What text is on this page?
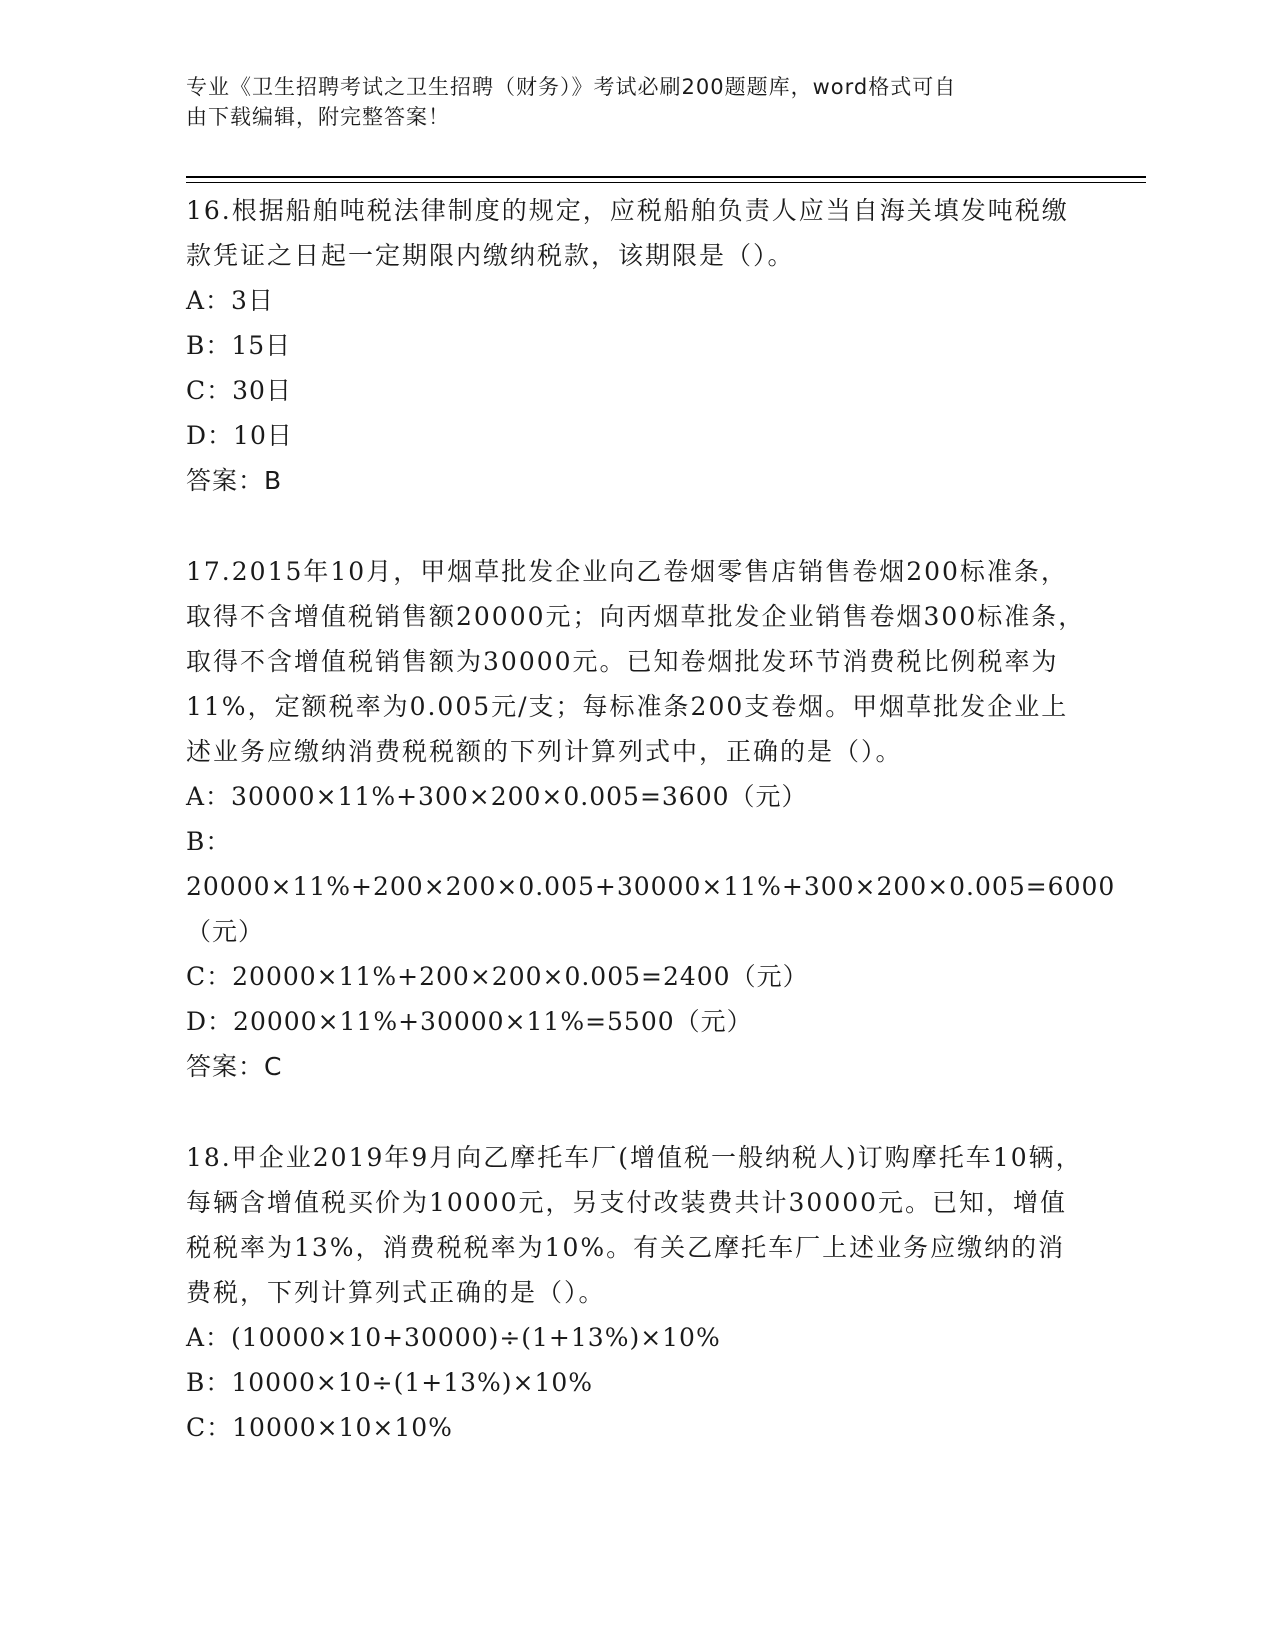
专业《卫生招聘考试之卫生招聘（财务）》考试必刷200题题库，word格式可自
由下载编辑，附完整答案！

16.根据船舶吨税法律制度的规定，应税船舶负责人应当自海关填发吨税缴款凭证之日起一定期限内缴纳税款，该期限是（）。

A：3日

B：15日

C：30日

D：10日

答案：B

17.2015年10月，甲烟草批发企业向乙卷烟零售店销售卷烟200标准条，取得不含增值税销售额20000元；向丙烟草批发企业销售卷烟300标准条，取得不含增值税销售额为30000元。已知卷烟批发环节消费税比例税率为11%，定额税率为0.005元/支；每标准条200支卷烟。甲烟草批发企业上述业务应缴纳消费税税额的下列计算列式中，正确的是（）。

A：30000×11%+300×200×0.005=3600（元）

B：20000×11%+200×200×0.005+30000×11%+300×200×0.005=6000（元）

C：20000×11%+200×200×0.005=2400（元）

D：20000×11%+30000×11%=5500（元）

答案：C

18.甲企业2019年9月向乙摩托车厂(增值税一般纳税人)订购摩托车10辆，每辆含增值税买价为10000元，另支付改装费共计30000元。已知，增值税税率为13%，消费税税率为10%。有关乙摩托车厂上述业务应缴纳的消费税，下列计算列式正确的是（）。

A：(10000×10+30000)÷(1+13%)×10%

B：10000×10÷(1+13%)×10%

C：10000×10×10%
